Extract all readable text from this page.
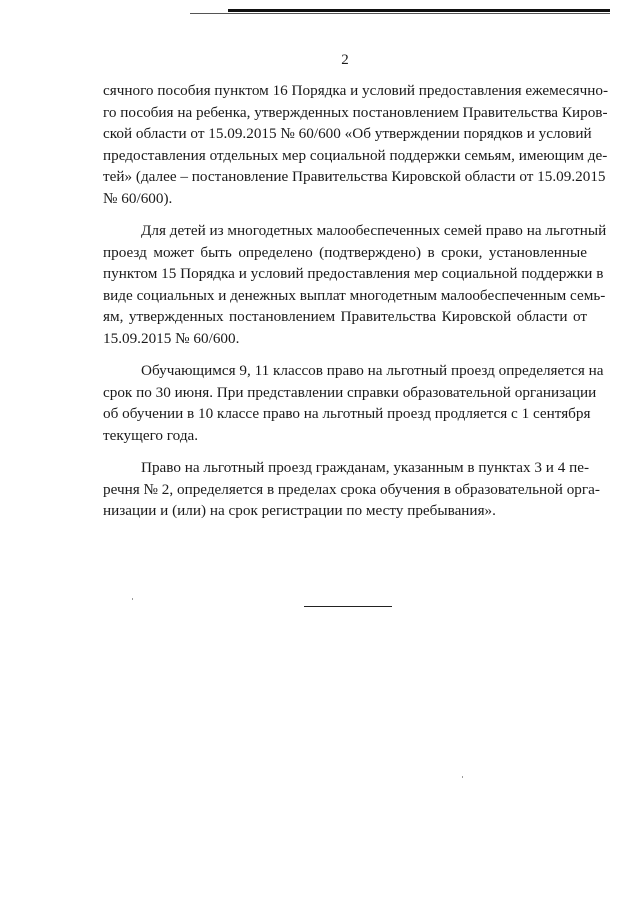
2
сячного пособия пунктом 16 Порядка и условий предоставления ежемесячно-
го пособия на ребенка, утвержденных постановлением Правительства Киров-
ской области от 15.09.2015 № 60/600 «Об утверждении порядков и условий
предоставления отдельных мер социальной поддержки семьям, имеющим де-
тей» (далее – постановление Правительства Кировской области от 15.09.2015
№ 60/600).
Для детей из многодетных малообеспеченных семей право на льготный
проезд может быть определено (подтверждено) в сроки, установленные
пунктом 15 Порядка и условий предоставления мер социальной поддержки в
виде социальных и денежных выплат многодетным малообеспеченным семь-
ям, утвержденных постановлением Правительства Кировской области от
15.09.2015 № 60/600.
Обучающимся 9, 11 классов право на льготный проезд определяется на
срок по 30 июня. При представлении справки образовательной организации
об обучении в 10 классе право на льготный проезд продляется с 1 сентября
текущего года.
Право на льготный проезд гражданам, указанным в пунктах 3 и 4 пе-
речня № 2, определяется в пределах срока обучения в образовательной орга-
низации и (или) на срок регистрации по месту пребывания».
